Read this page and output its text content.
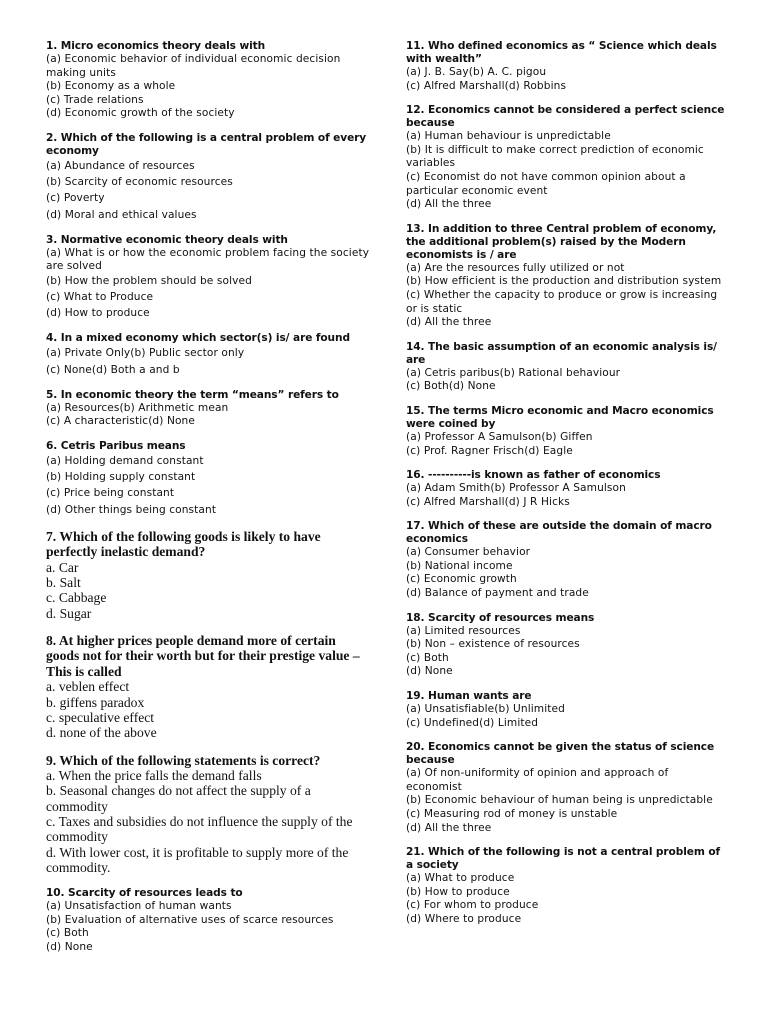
1. Micro economics theory deals with
(a) Economic behavior of individual economic decision making units
(b) Economy as a whole
(c) Trade relations
(d) Economic growth of the society
2. Which of the following is a central problem of every economy
(a) Abundance of resources
(b) Scarcity of economic resources
(c) Poverty
(d) Moral and ethical values
3. Normative economic theory deals with
(a) What is or how the economic problem facing the society are solved
(b) How the problem should be solved
(c) What to Produce
(d) How to produce
4. In a mixed economy which sector(s) is/ are found
(a) Private Only(b) Public sector only
(c) None(d) Both a and b
5. In economic theory the term “means” refers to
(a) Resources(b) Arithmetic mean
(c) A characteristic(d) None
6. Cetris Paribus means
(a) Holding demand constant
(b) Holding supply constant
(c) Price being constant
(d) Other things being constant
7. Which of the following goods is likely to have perfectly inelastic demand?
a. Car
b. Salt
c. Cabbage
d. Sugar
8. At higher prices people demand more of certain goods not for their worth but for their prestige value – This is called
a. veblen effect
b. giffens paradox
c. speculative effect
d. none of the above
9. Which of the following statements is correct?
a. When the price falls the demand falls
b. Seasonal changes do not affect the supply of a commodity
c. Taxes and subsidies do not influence the supply of the commodity
d. With lower cost, it is profitable to supply more of the commodity.
10. Scarcity of resources leads to
(a) Unsatisfaction of human wants
(b) Evaluation of alternative uses of scarce resources
(c) Both
(d) None
11. Who defined economics as “ Science which deals with wealth”
(a) J. B. Say(b) A. C. pigou
(c) Alfred Marshall(d) Robbins
12. Economics cannot be considered a perfect science because
(a) Human behaviour is unpredictable
(b) It is difficult to make correct prediction of economic variables
(c) Economist do not have common opinion about a particular economic event
(d) All the three
13. In addition to three Central problem of economy, the additional problem(s) raised by the Modern economists is / are
(a) Are the resources fully utilized or not
(b) How efficient is the production and distribution system
(c) Whether the capacity to produce or grow is increasing or is static
(d) All the three
14. The basic assumption of an economic analysis is/ are
(a) Cetris paribus(b) Rational behaviour
(c) Both(d) None
15. The terms Micro economic and Macro economics were coined by
(a) Professor A Samulson(b) Giffen
(c) Prof. Ragner Frisch(d) Eagle
16. ----------is known as father of economics
(a) Adam Smith(b) Professor A Samulson
(c) Alfred Marshall(d) J R Hicks
17. Which of these are outside the domain of macro economics
(a) Consumer behavior
(b) National income
(c) Economic growth
(d) Balance of payment and trade
18. Scarcity of resources means
(a) Limited resources
(b) Non – existence of resources
(c) Both
(d) None
19. Human wants are
(a) Unsatisfiable(b) Unlimited
(c) Undefined(d) Limited
20. Economics cannot be given the status of science because
(a) Of non-uniformity of opinion and approach of economist
(b) Economic behaviour of human being is unpredictable
(c) Measuring rod of money is unstable
(d) All the three
21. Which of the following is not a central problem of a society
(a) What to produce
(b) How to produce
(c) For whom to produce
(d) Where to produce
